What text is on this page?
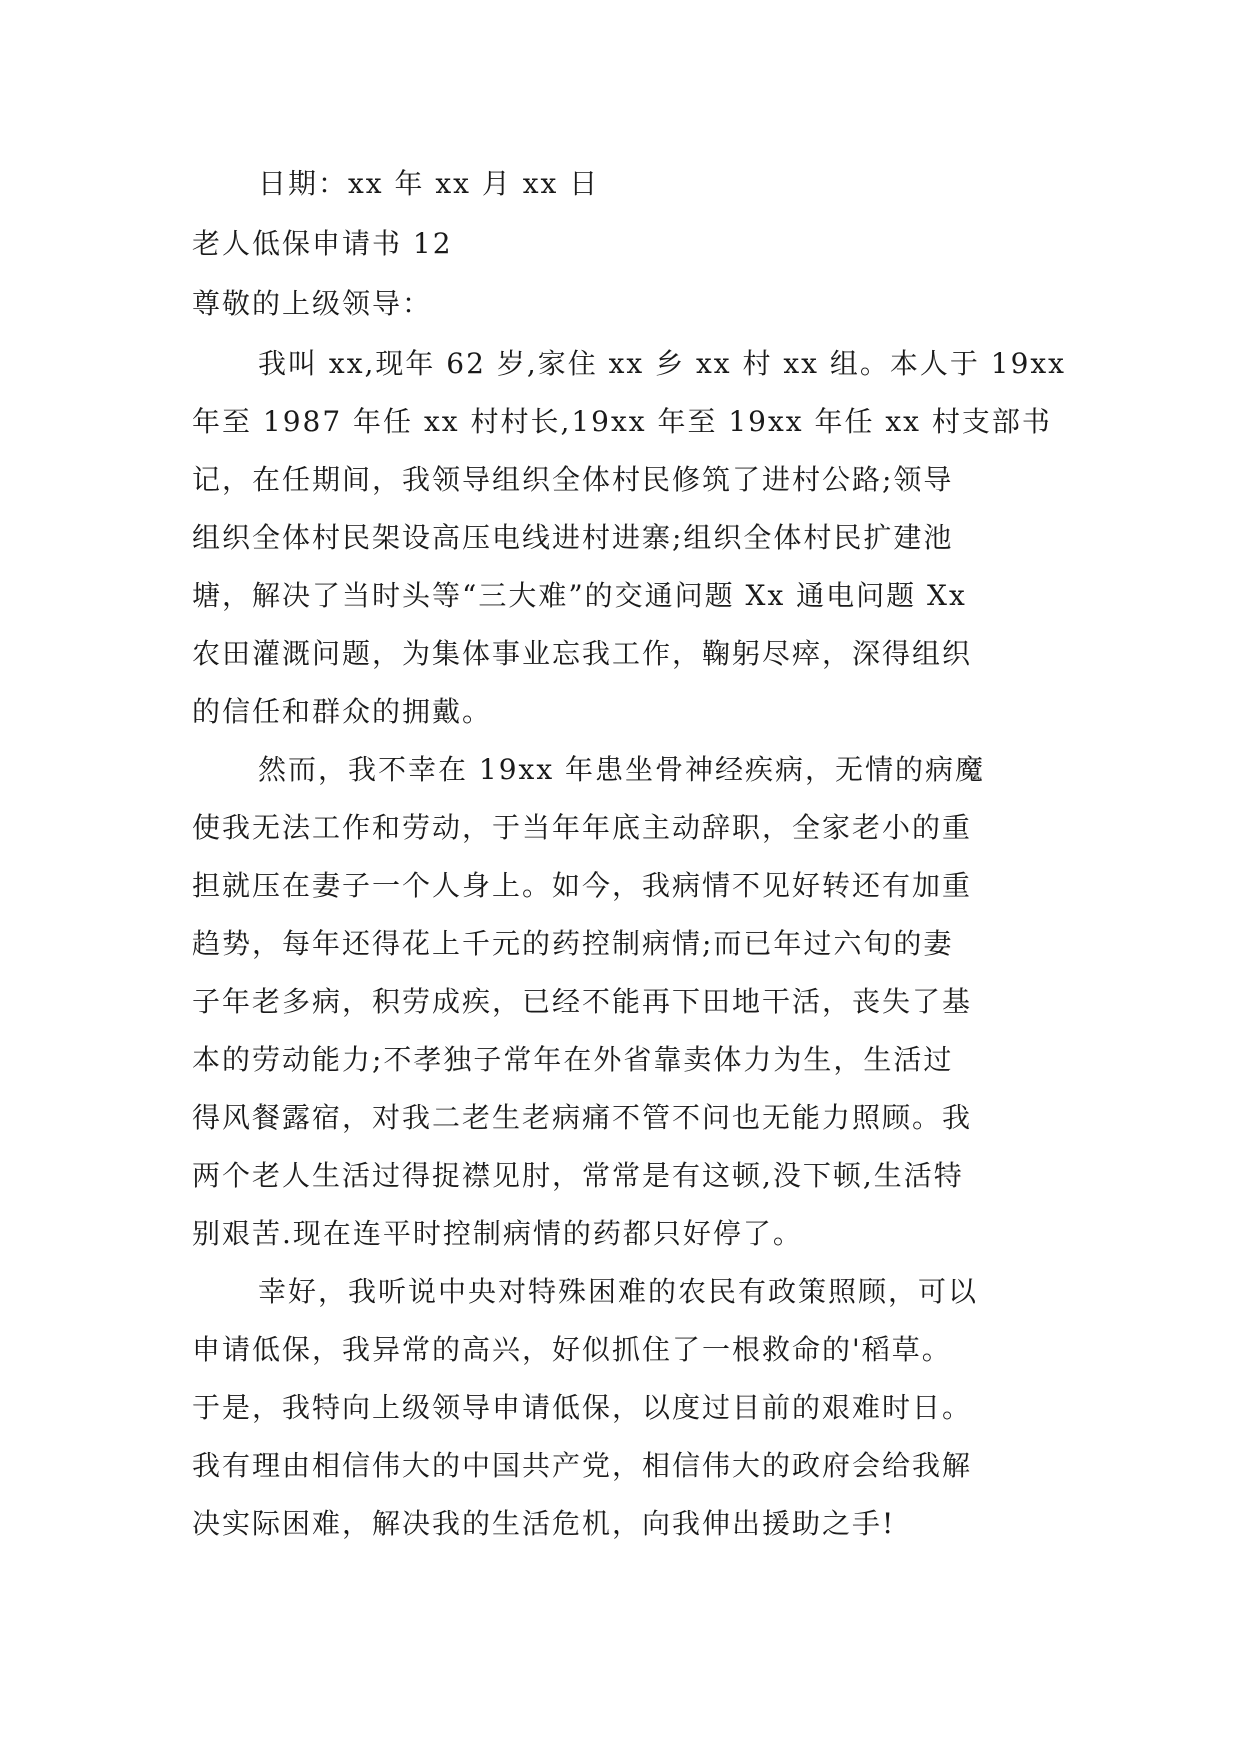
日期：xx 年 xx 月 xx 日
老人低保申请书 12
尊敬的上级领导：
我叫 xx,现年 62 岁,家住 xx 乡 xx 村 xx 组。本人于 19xx
年至 1987 年任 xx 村村长,19xx 年至 19xx 年任 xx 村支部书
记，在任期间，我领导组织全体村民修筑了进村公路;领导
组织全体村民架设高压电线进村进寨;组织全体村民扩建池
塘，解决了当时头等“三大难”的交通问题 Xx 通电问题 Xx
农田灌溉问题，为集体事业忘我工作，鞠躬尽瘁，深得组织
的信任和群众的拥戴。
然而，我不幸在 19xx 年患坐骨神经疾病，无情的病魔
使我无法工作和劳动，于当年年底主动辞职，全家老小的重
担就压在妻子一个人身上。如今，我病情不见好转还有加重
趋势，每年还得花上千元的药控制病情;而已年过六旬的妻
子年老多病，积劳成疾，已经不能再下田地干活，丧失了基
本的劳动能力;不孝独子常年在外省靠卖体力为生，生活过
得风餐露宿，对我二老生老病痛不管不问也无能力照顾。我
两个老人生活过得捉襟见肘，常常是有这顿,没下顿,生活特
别艰苦.现在连平时控制病情的药都只好停了。
幸好，我听说中央对特殊困难的农民有政策照顾，可以
申请低保，我异常的高兴，好似抓住了一根救命的'稻草。
于是，我特向上级领导申请低保，以度过目前的艰难时日。
我有理由相信伟大的中国共产党，相信伟大的政府会给我解
决实际困难，解决我的生活危机，向我伸出援助之手!
